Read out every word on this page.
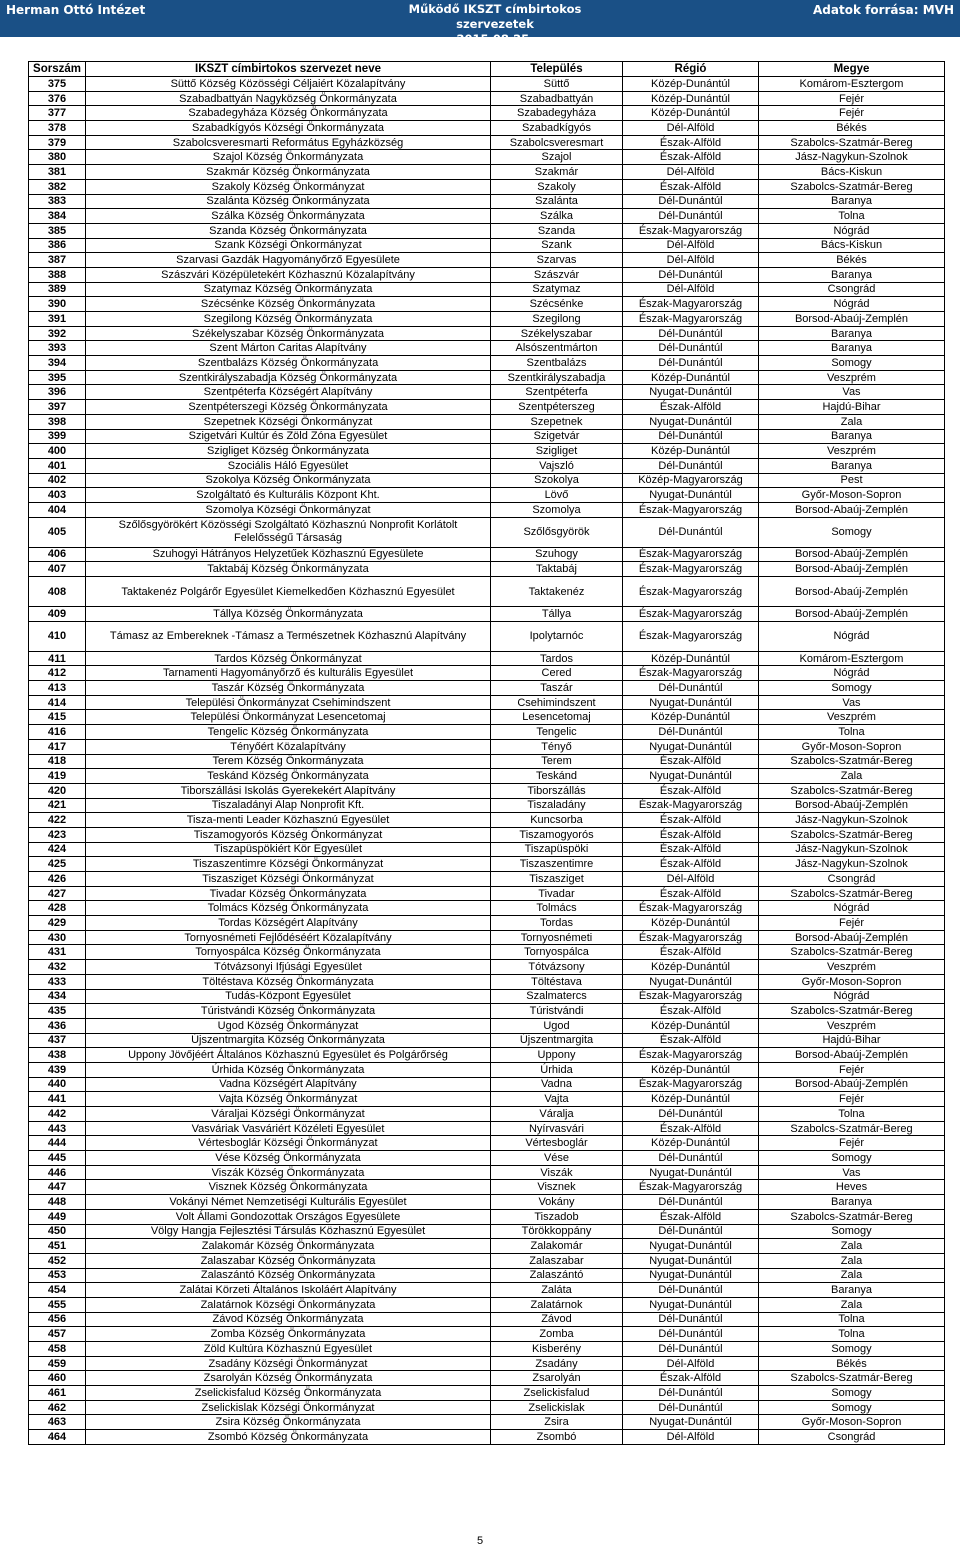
Herman Ottó Intézet	Működő IKSZT címbirtokos szervezetek
2015.08.25.
Adatok forrása: MVH
Sorszám	IKSZT címbirtokos szervezet neve	Település	Régió	Megye
375	Süttő Község Közösségi Céljaiért Közalapítvány	Süttő	Közép-Dunántúl	Komárom-Esztergom
376	Szabadbattyán Nagyközség Önkormányzata	Szabadbattyán	Közép-Dunántúl	Fejér
377	Szabadegyháza Község Önkormányzata	Szabadegyháza	Közép-Dunántúl	Fejér
378	Szabadkígyós Községi Önkormányzata	Szabadkígyós	Dél-Alföld	Békés
379	Szabolcsveresmarti Református Egyházközség	Szabolcsveresmart	Észak-Alföld	Szabolcs-Szatmár-Bereg
380	Szajol Község Önkormányzata	Szajol	Észak-Alföld	Jász-Nagykun-Szolnok
381	Szakmár Község Önkormányzata	Szakmár	Dél-Alföld	Bács-Kiskun
382	Szakoly Község Önkormányzat	Szakoly	Észak-Alföld	Szabolcs-Szatmár-Bereg
383	Szalánta Község Önkormányzata	Szalánta	Dél-Dunántúl	Baranya
384	Szálka Község Önkormányzata	Szálka	Dél-Dunántúl	Tolna
385	Szanda Község Önkormányzata	Szanda	Észak-Magyarország	Nógrád
386	Szank Községi Önkormányzat	Szank	Dél-Alföld	Bács-Kiskun
387	Szarvasi Gazdák Hagyományőrző Egyesülete	Szarvas	Dél-Alföld	Békés
388	Szászvári Középületekért Közhasznú Közalapítvány	Szászvár	Dél-Dunántúl	Baranya
389	Szatymaz Község Önkormányzata	Szatymaz	Dél-Alföld	Csongrád
390	Szécsénke Község Önkormányzata	Szécsénke	Észak-Magyarország	Nógrád
391	Szegilong Község Önkormányzata	Szegilong	Észak-Magyarország	Borsod-Abaúj-Zemplén
392	Székelyszabar Község Önkormányzata	Székelyszabar	Dél-Dunántúl	Baranya
393	Szent Márton Caritas Alapítvány	Alsószentmárton	Dél-Dunántúl	Baranya
394	Szentbalázs Község Önkormányzata	Szentbalázs	Dél-Dunántúl	Somogy
395	Szentkirályszabadja Község Önkormányzata	Szentkirályszabadja	Közép-Dunántúl	Veszprém
396	Szentpéterfa Községért Alapítvány	Szentpéterfa	Nyugat-Dunántúl	Vas
397	Szentpéterszegi Község Önkormányzata	Szentpéterszeg	Észak-Alföld	Hajdú-Bihar
398	Szepetnek Községi Önkormányzat	Szepetnek	Nyugat-Dunántúl	Zala
399	Szigetvári Kultúr és Zöld Zóna Egyesület	Szigetvár	Dél-Dunántúl	Baranya
400	Szigliget Község Önkormányzata	Szigliget	Közép-Dunántúl	Veszprém
401	Szociális Háló Egyesület	Vajszló	Dél-Dunántúl	Baranya
402	Szokolya Község Önkormányzata	Szokolya	Közép-Magyarország	Pest
403	Szolgáltató és Kulturális Központ Kht.	Lövő	Nyugat-Dunántúl	Győr-Moson-Sopron
404	Szomolya Községi Önkormányzat	Szomolya	Észak-Magyarország	Borsod-Abaúj-Zemplén
405	Szőlősgyörökért Közösségi Szolgáltató Közhasznú Nonprofit Korlátolt Felelősségű Társaság	Szőlősgyörök	Dél-Dunántúl	Somogy
406	Szuhogyi Hátrányos Helyzetűek Közhasznú Egyesülete	Szuhogy	Észak-Magyarország	Borsod-Abaúj-Zemplén
407	Taktabáj Község Önkormányzata	Taktabáj	Észak-Magyarország	Borsod-Abaúj-Zemplén
408	Taktakenéz Polgárőr Egyesület Kiemelkedően Közhasznú Egyesület	Taktakenéz	Észak-Magyarország	Borsod-Abaúj-Zemplén
409	Tállya Község Önkormányzata	Tállya	Észak-Magyarország	Borsod-Abaúj-Zemplén
410	Támasz az Embereknek -Támasz a Természetnek Közhasznú Alapítvány	Ipolytarnóc	Észak-Magyarország	Nógrád
411	Tardos Község Önkormányzat	Tardos	Közép-Dunántúl	Komárom-Esztergom
412	Tarnamenti Hagyományőrző és kulturális Egyesület	Cered	Észak-Magyarország	Nógrád
413	Taszár Község Önkormányzata	Taszár	Dél-Dunántúl	Somogy
414	Települési Önkormányzat Csehimindszent	Csehimindszent	Nyugat-Dunántúl	Vas
415	Települési Önkormányzat Lesencetomaj	Lesencetomaj	Közép-Dunántúl	Veszprém
416	Tengelic Község Önkormányzata	Tengelic	Dél-Dunántúl	Tolna
417	Tényőért Közalapítvány	Tényő	Nyugat-Dunántúl	Győr-Moson-Sopron
418	Terem Község Önkormányzata	Terem	Észak-Alföld	Szabolcs-Szatmár-Bereg
419	Teskánd Község Önkormányzata	Teskánd	Nyugat-Dunántúl	Zala
420	Tiborszállási Iskolás Gyerekekért Alapítvány	Tiborszállás	Észak-Alföld	Szabolcs-Szatmár-Bereg
421	Tiszaladányi Alap Nonprofit Kft.	Tiszaladány	Észak-Magyarország	Borsod-Abaúj-Zemplén
422	Tisza-menti Leader Közhasznú Egyesület	Kuncsorba	Észak-Alföld	Jász-Nagykun-Szolnok
423	Tiszamogyorós Község Önkormányzat	Tiszamogyorós	Észak-Alföld	Szabolcs-Szatmár-Bereg
424	Tiszapüspökiért Kör Egyesület	Tiszapüspöki	Észak-Alföld	Jász-Nagykun-Szolnok
425	Tiszaszentimre Községi Önkormányzat	Tiszaszentimre	Észak-Alföld	Jász-Nagykun-Szolnok
426	Tiszasziget Községi Önkormányzat	Tiszasziget	Dél-Alföld	Csongrád
427	Tivadar Község Önkormányzata	Tivadar	Észak-Alföld	Szabolcs-Szatmár-Bereg
428	Tolmács Község Önkormányzata	Tolmács	Észak-Magyarország	Nógrád
429	Tordas Községért Alapítvány	Tordas	Közép-Dunántúl	Fejér
430	Tornyosnémeti Fejlődéséért Közalapítvány	Tornyosnémeti	Észak-Magyarország	Borsod-Abaúj-Zemplén
431	Tornyospálca Község Önkormányzata	Tornyospálca	Észak-Alföld	Szabolcs-Szatmár-Bereg
432	Tótvázsonyi Ifjúsági Egyesület	Tótvázsony	Közép-Dunántúl	Veszprém
433	Töltéstava Község Önkormányzata	Töltéstava	Nyugat-Dunántúl	Győr-Moson-Sopron
434	Tudás-Központ Egyesület	Szalmatercs	Észak-Magyarország	Nógrád
435	Túristvándi Község Önkormányzata	Túristvándi	Észak-Alföld	Szabolcs-Szatmár-Bereg
436	Ugod Község Önkormányzat	Ugod	Közép-Dunántúl	Veszprém
437	Újszentmargita Község Önkormányzata	Újszentmargita	Észak-Alföld	Hajdú-Bihar
438	Uppony Jövőjéért Általános Közhasznú Egyesület és Polgárőrség	Uppony	Észak-Magyarország	Borsod-Abaúj-Zemplén
439	Úrhida Község Önkormányzata	Úrhida	Közép-Dunántúl	Fejér
440	Vadna Községért Alapítvány	Vadna	Észak-Magyarország	Borsod-Abaúj-Zemplén
441	Vajta Község Önkormányzat	Vajta	Közép-Dunántúl	Fejér
442	Váraljai Községi Önkormányzat	Váralja	Dél-Dunántúl	Tolna
443	Vasváriak Vasváriért Közéleti Egyesület	Nyírvasvári	Észak-Alföld	Szabolcs-Szatmár-Bereg
444	Vértesboglár Községi Önkormányzat	Vértesboglár	Közép-Dunántúl	Fejér
445	Vése Község Önkormányzata	Vése	Dél-Dunántúl	Somogy
446	Viszák Község Önkormányzata	Viszák	Nyugat-Dunántúl	Vas
447	Visznek Község Önkormányzata	Visznek	Észak-Magyarország	Heves
448	Vokányi Német Nemzetiségi Kulturális Egyesület	Vokány	Dél-Dunántúl	Baranya
449	Volt Állami Gondozottak Országos Egyesülete	Tiszadob	Észak-Alföld	Szabolcs-Szatmár-Bereg
450	Völgy Hangja Fejlesztési Társulás Közhasznú Egyesület	Törökkoppány	Dél-Dunántúl	Somogy
451	Zalakomár Község Önkormányzata	Zalakomár	Nyugat-Dunántúl	Zala
452	Zalaszabar Község Önkormányzata	Zalaszabar	Nyugat-Dunántúl	Zala
453	Zalaszántó Község Önkormányzata	Zalaszántó	Nyugat-Dunántúl	Zala
454	Zalátai Körzeti Általános Iskoláért Alapítvány	Zaláta	Dél-Dunántúl	Baranya
455	Zalatárnok Községi Önkormányzata	Zalatárnok	Nyugat-Dunántúl	Zala
456	Závod Község Önkormányzata	Závod	Dél-Dunántúl	Tolna
457	Zomba Község Önkormányzata	Zomba	Dél-Dunántúl	Tolna
458	Zöld Kultúra Közhasznú Egyesület	Kisberény	Dél-Dunántúl	Somogy
459	Zsadány Községi Önkormányzat	Zsadány	Dél-Alföld	Békés
460	Zsarolyán Község Önkormányzata	Zsarolyán	Észak-Alföld	Szabolcs-Szatmár-Bereg
461	Zselickisfalud Község Önkormányzata	Zselickisfalud	Dél-Dunántúl	Somogy
462	Zselickislak Községi Önkormányzat	Zselickislak	Dél-Dunántúl	Somogy
463	Zsira Község Önkormányzata	Zsira	Nyugat-Dunántúl	Győr-Moson-Sopron
464	Zsombó Község Önkormányzata	Zsombó	Dél-Alföld	Csongrád
5
